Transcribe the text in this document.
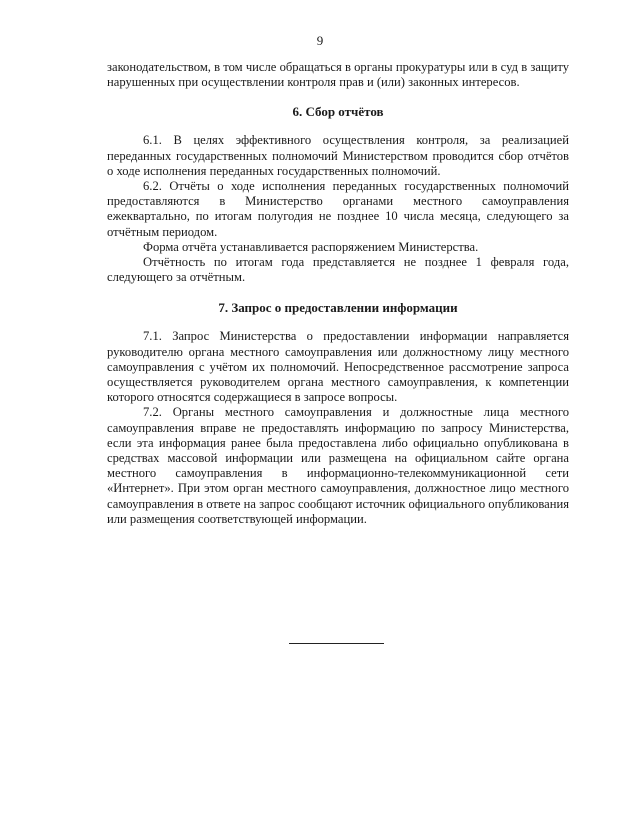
9

законодательством, в том числе обращаться в органы прокуратуры или в суд в защиту нарушенных при осуществлении контроля прав и (или) законных интересов.

6. Сбор отчётов

6.1. В целях эффективного осуществления контроля, за реализацией переданных государственных полномочий Министерством проводится сбор отчётов о ходе исполнения переданных государственных полномочий.

6.2. Отчёты о ходе исполнения переданных государственных полномочий предоставляются в Министерство органами местного самоуправления ежеквартально, по итогам полугодия не позднее 10 числа месяца, следующего за отчётным периодом.

Форма отчёта устанавливается распоряжением Министерства.

Отчётность по итогам года представляется не позднее 1 февраля года, следующего за отчётным.

7. Запрос о предоставлении информации

7.1. Запрос Министерства о предоставлении информации направляется руководителю органа местного самоуправления или должностному лицу местного самоуправления с учётом их полномочий. Непосредственное рассмотрение запроса осуществляется руководителем органа местного самоуправления, к компетенции которого относятся содержащиеся в запросе вопросы.

7.2. Органы местного самоуправления и должностные лица местного самоуправления вправе не предоставлять информацию по запросу Министерства, если эта информация ранее была предоставлена либо официально опубликована в средствах массовой информации или размещена на официальном сайте органа местного самоуправления в информационно-телекоммуникационной сети «Интернет». При этом орган местного самоуправления, должностное лицо местного самоуправления в ответе на запрос сообщают источник официального опубликования или размещения соответствующей информации.
